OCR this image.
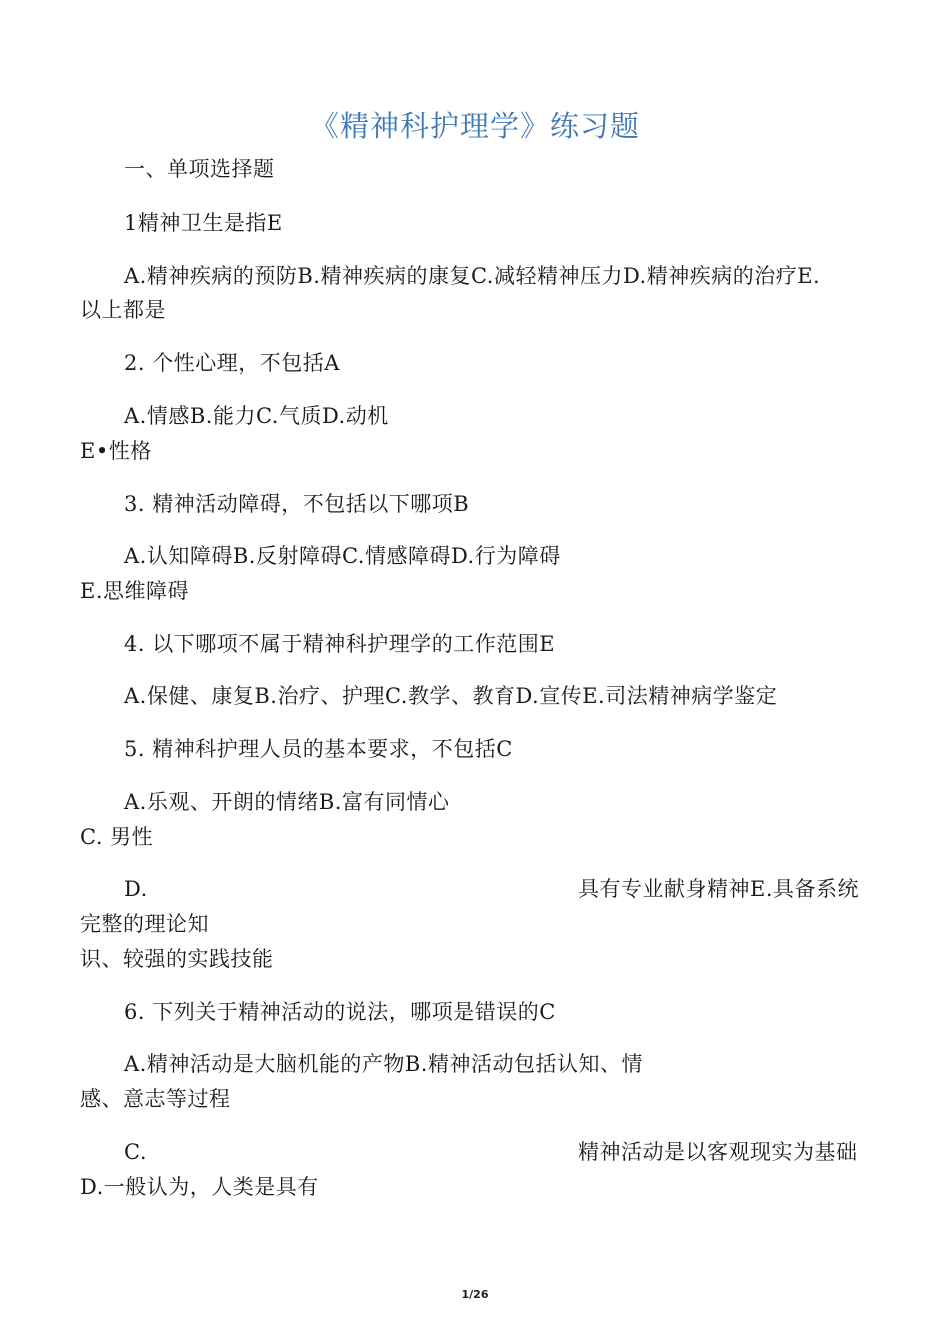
《精神科护理学》练习题
一、单项选择题
1精神卫生是指E
A.精神疾病的预防B.精神疾病的康复C.减轻精神压力D.精神疾病的治疗E.
以上都是
2. 个性心理，不包括A
A.情感B.能力C.气质D.动机
E•性格
3. 精神活动障碍，不包括以下哪项B
A.认知障碍B.反射障碍C.情感障碍D.行为障碍
E.思维障碍
4. 以下哪项不属于精神科护理学的工作范围E
A.保健、康复B.治疗、护理C.教学、教育D.宣传E.司法精神病学鉴定
5. 精神科护理人员的基本要求，不包括C
A.乐观、开朗的情绪B.富有同情心
C. 男性
D.	具有专业献身精神E.具备系统
完整的理论知
识、较强的实践技能
6. 下列关于精神活动的说法，哪项是错误的C
A.精神活动是大脑机能的产物B.精神活动包括认知、情
感、意志等过程
C.	精神活动是以客观现实为基础
D.一般认为，人类是具有
1/26
